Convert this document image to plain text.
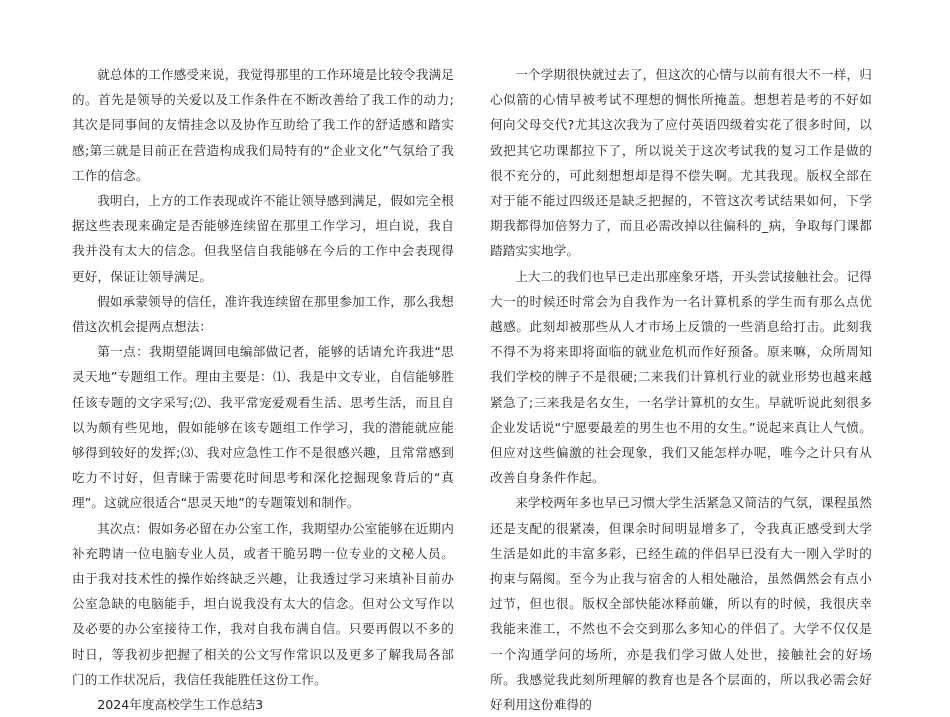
就总体的工作感受来说，我觉得那里的工作环境是比较令我满足的。首先是领导的关爱以及工作条件在不断改善给了我工作的动力;其次是同事间的友情挂念以及协作互助给了我工作的舒适感和踏实感;第三就是目前正在营造构成我们局特有的“企业文化”气氛给了我工作的信念。

我明白，上方的工作表现或许不能让领导感到满足，假如完全根据这些表现来确定是否能够连续留在那里工作学习，坦白说，我自我并没有太大的信念。但我坚信自我能够在今后的工作中会表现得更好，保证让领导满足。

假如承蒙领导的信任，准许我连续留在那里参加工作，那么我想借这次机会提两点想法：

第一点：我期望能调回电编部做记者，能够的话请允许我进“思灵天地”专题组工作。理由主要是：⑴、我是中文专业，自信能够胜任该专题的文字采写;⑵、我平常宠爱观看生活、思考生活，而且自以为颇有些见地，假如能够在该专题组工作学习，我的潜能就应能够得到较好的发挥;⑶、我对应急性工作不是很感兴趣，且常常感到吃力不讨好，但青睐于需要花时间思考和深化挖掘现象背后的“真理”。这就应很适合“思灵天地”的专题策划和制作。

其次点：假如务必留在办公室工作，我期望办公室能够在近期内补充聘请一位电脑专业人员，或者干脆另聘一位专业的文秘人员。由于我对技术性的操作始终缺乏兴趣，让我透过学习来填补目前办公室急缺的电脑能手，坦白说我没有太大的信念。但对公文写作以及必要的办公室接待工作，我对自我布满自信。只要再假以不多的时日，等我初步把握了相关的公文写作常识以及更多了解我局各部门的工作状况后，我信任我能胜任这份工作。

2024年度高校学生工作总结3

一个学期很快就过去了，但这次的心情与以前有很大不一样，归心似箭的心情早被考试不理想的惆怅所掩盖。想想若是考的不好如何向父母交代?尤其这次我为了应付英语四级着实花了很多时间，以致把其它功课都拉下了，所以说关于这次考试我的复习工作是做的很不充分的，可此刻想想却是得不偿失啊。尤其我现。版权全部在对于能不能过四级还是缺乏把握的，不管这次考试结果如何，下学期我都得加倍努力了，而且必需改掉以往偏科的_病，争取每门课都踏踏实实地学。

上大二的我们也早已走出那座象牙塔，开头尝试接触社会。记得大一的时候还时常会为自我作为一名计算机系的学生而有那么点优越感。此刻却被那些从人才市场上反馈的一些消息给打击。此刻我不得不为将来即将面临的就业危机而作好预备。原来嘛，众所周知我们学校的牌子不是很硬;二来我们计算机行业的就业形势也越来越紧急了;三来我是名女生，一名学计算机的女生。早就听说此刻很多企业发话说“宁愿要最差的男生也不用的女生。”说起来真让人气愤。但应对这些偏激的社会现象，我们又能怎样办呢，唯今之计只有从改善自身条件作起。

来学校两年多也早已习惯大学生活紧急又简洁的气氛，课程虽然还是支配的很紧凑，但课余时间明显增多了，令我真正感受到大学生活是如此的丰富多彩，已经生疏的伴侣早已没有大一刚入学时的拘束与隔阂。至今为止我与宿舍的人相处融洽，虽然偶然会有点小过节，但也很。版权全部快能冰释前嫌，所以有的时候，我很庆幸我能来淮工，不然也不会交到那么多知心的伴侣了。大学不仅仅是一个沟通学问的场所，亦是我们学习做人处世，接触社会的好场所。我感觉我此刻所理解的教育也是各个层面的，所以我必需会好好利用这份难得的
